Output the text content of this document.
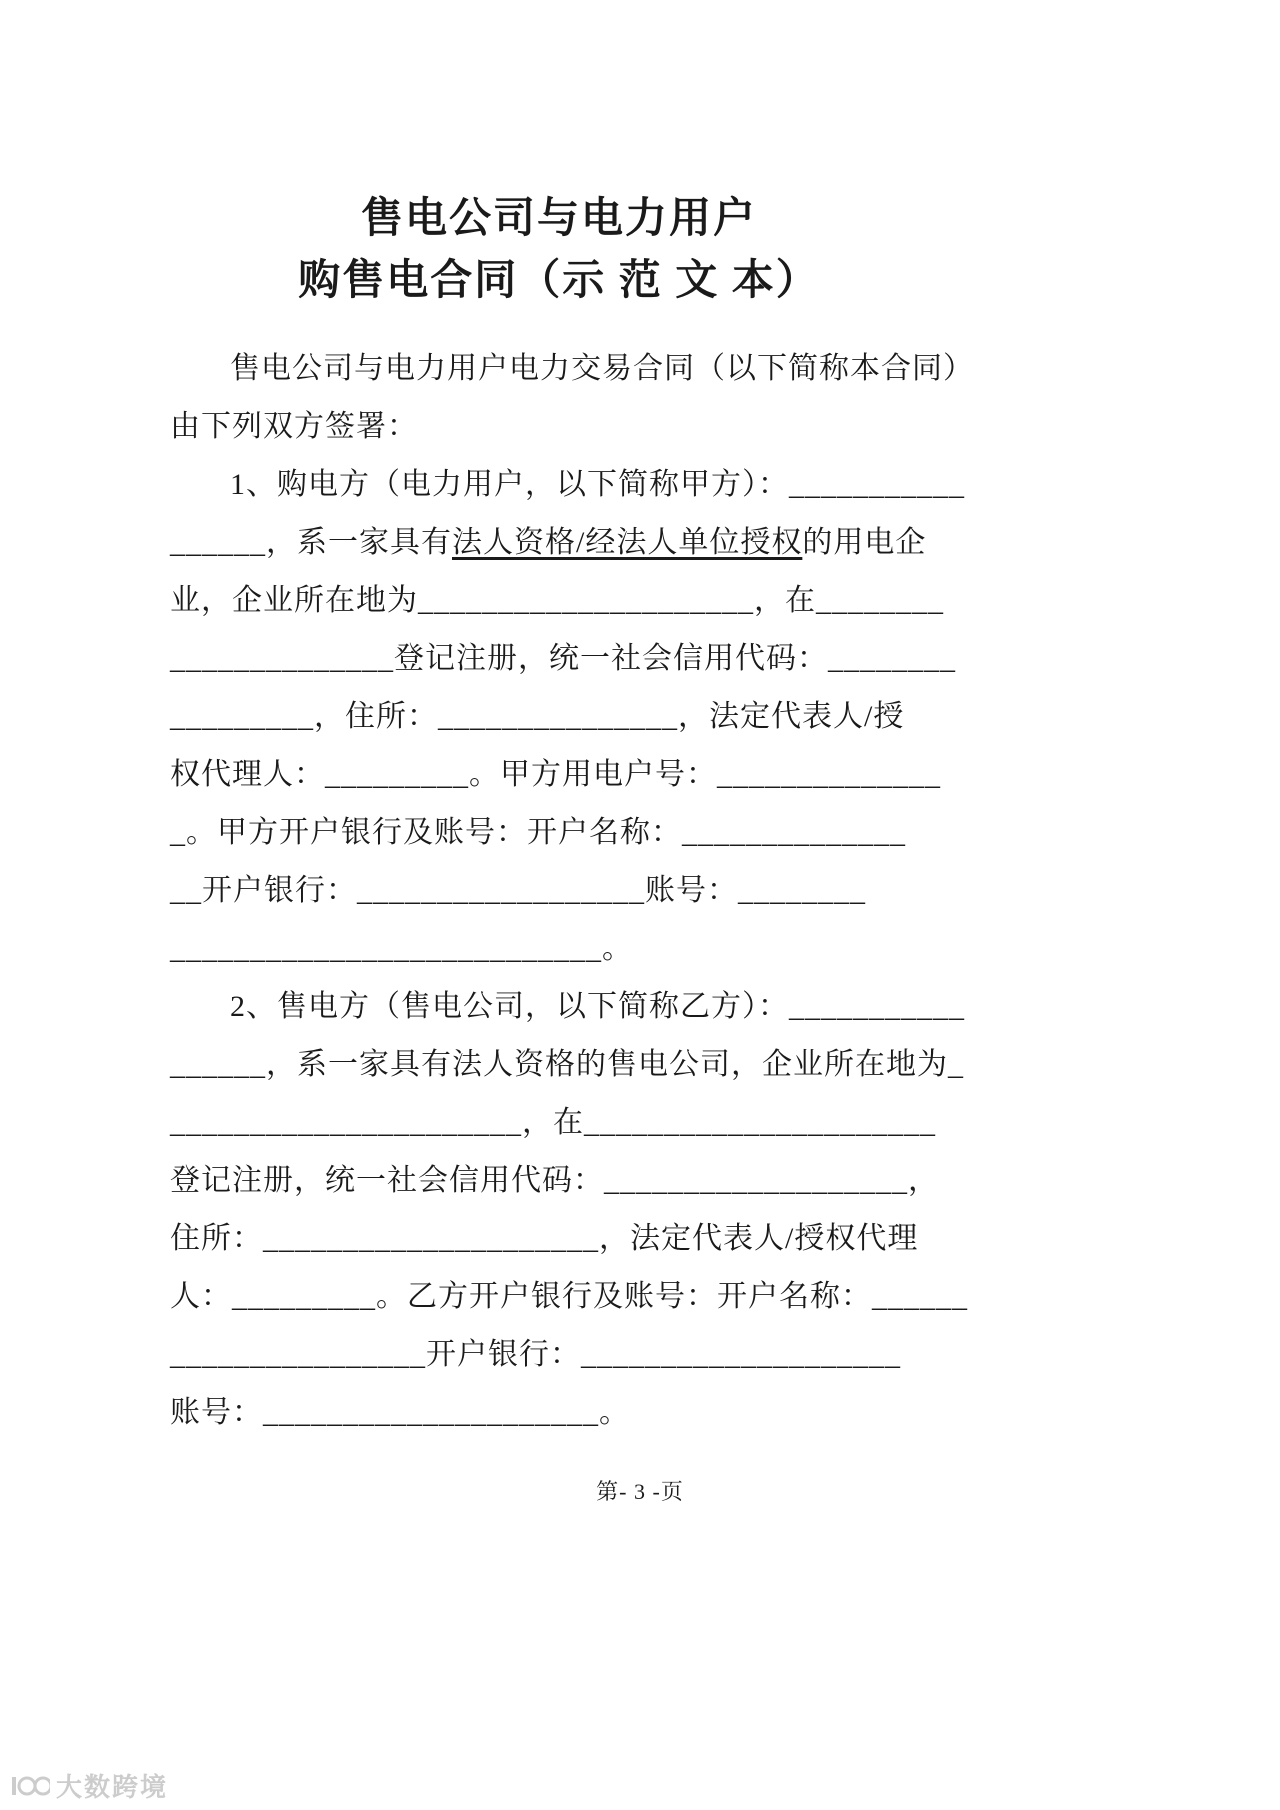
售电公司与电力用户
购售电合同（示 范 文 本）
售电公司与电力用户电力交易合同（以下简称本合同）
由下列双方签署：
1、购电方（电力用户，以下简称甲方）：___________
______，系一家具有法人资格/经法人单位授权的用电企
业，企业所在地为_____________________，在________
______________登记注册，统一社会信用代码：________
_________，住所：_______________，法定代表人/授
权代理人：_________。甲方用电户号：______________
_。甲方开户银行及账号：开户名称：______________
__开户银行：__________________账号：________
___________________________。
2、售电方（售电公司，以下简称乙方）：___________
______，系一家具有法人资格的售电公司，企业所在地为_
______________________，在______________________
登记注册，统一社会信用代码：___________________，
住所：_____________________，法定代表人/授权代理
人：_________。乙方开户银行及账号：开户名称：______
________________开户银行：____________________
账号：_____________________。
第- 3 -页
大数跨境
